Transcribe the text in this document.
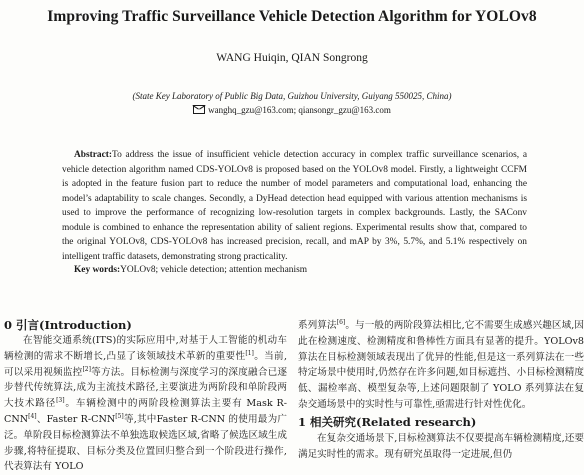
Improving Traffic Surveillance Vehicle Detection Algorithm for YOLOv8
WANG Huiqin, QIAN Songrong
(State Key Laboratory of Public Big Data, Guizhou University, Guiyang 550025, China)
wanghq_gzu@163.com; qiansongr_gzu@163.com
Abstract:To address the issue of insufficient vehicle detection accuracy in complex traffic surveillance scenarios, a vehicle detection algorithm named CDS-YOLOv8 is proposed based on the YOLOv8 model. Firstly, a lightweight CCFM is adopted in the feature fusion part to reduce the number of model parameters and computational load, enhancing the model’s adaptability to scale changes. Secondly, a DyHead detection head equipped with various attention mechanisms is used to improve the performance of recognizing low-resolution targets in complex backgrounds. Lastly, the SAConv module is combined to enhance the representation ability of salient regions. Experimental results show that, compared to the original YOLOv8, CDS-YOLOv8 has increased precision, recall, and mAP by 3%, 5.7%, and 5.1% respectively on intelligent traffic datasets, demonstrating strong practicality.
Key words:YOLOv8; vehicle detection; attention mechanism
0 引言(Introduction)

在智能交通系统(ITS)的实际应用中,对基于人工智能的机动车辆检测的需求不断增长,凸显了该领域技术革新的重要性[1]。当前,可以采用视频监控[2]等方法。目标检测与深度学习的深度融合已逐步替代传统算法,成为主流技术路径,主要演进为两阶段和单阶段两大技术路径[3]。车辆检测中的两阶段检测算法主要有 Mask R-CNN[4]、Faster R-CNN[5]等,其中Faster R-CNN 的使用最为广泛。单阶段目标检测算法不单独选取候选区域,省略了候选区域生成步骤,将特征提取、目标分类及位置回归整合到一个阶段进行操作,代表算法有 YOLO

系列算法[6]。与一般的两阶段算法相比,它不需要生成感兴趣区域,因此在检测速度、检测精度和鲁棒性方面具有显著的提升。YOLOv8 算法在目标检测领域表现出了优异的性能,但是这一系列算法在一些特定场景中使用时,仍然存在许多问题,如目标遮挡、小目标检测精度低、漏检率高、模型复杂等,上述问题限制了 YOLO 系列算法在复杂交通场景中的实时性与可靠性,亟需进行针对性优化。

1 相关研究(Related research)

在复杂交通场景下,目标检测算法不仅要提高车辆检测精度,还要满足实时性的需求。现有研究虽取得一定进展,但仍
